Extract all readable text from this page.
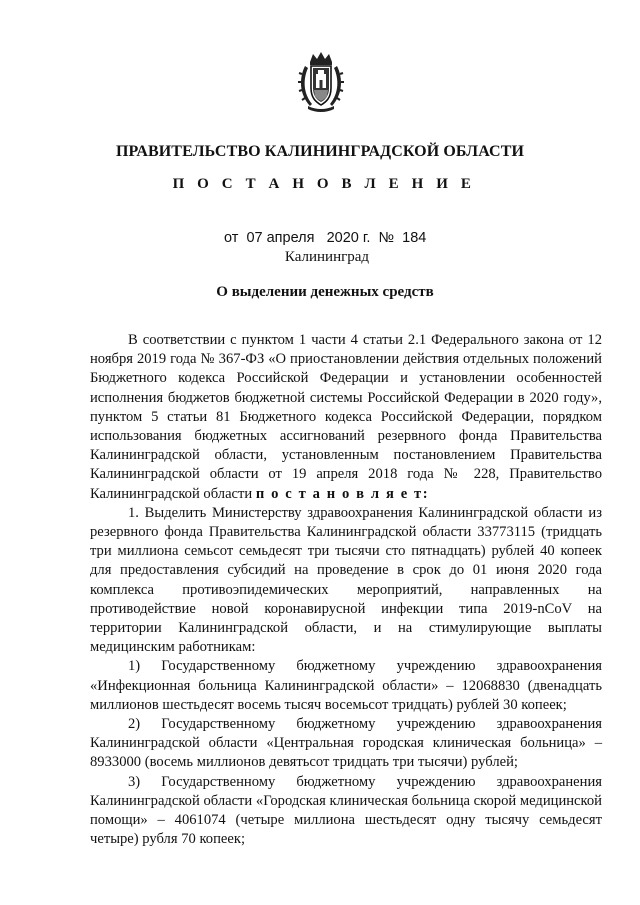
ПРАВИТЕЛЬСТВО КАЛИНИНГРАДСКОЙ ОБЛАСТИ
П О С Т А Н О В Л Е Н И Е
от 07 апреля 2020 г. № 184
Калининград
О выделении денежных средств

В соответствии с пунктом 1 части 4 статьи 2.1 Федерального закона от 12 ноября 2019 года № 367-ФЗ «О приостановлении действия отдельных положений Бюджетного кодекса Российской Федерации и установлении особенностей исполнения бюджетов бюджетной системы Российской Федерации в 2020 году», пунктом 5 статьи 81 Бюджетного кодекса Российской Федерации, порядком использования бюджетных ассигнований резервного фонда Правительства Калининградской области, установленным постановлением Правительства Калининградской области от 19 апреля 2018 года № 228, Правительство Калининградской области п о с т а н о в л я е т:

1. Выделить Министерству здравоохранения Калининградской области из резервного фонда Правительства Калининградской области 33773115 (тридцать три миллиона семьсот семьдесят три тысячи сто пятнадцать) рублей 40 копеек для предоставления субсидий на проведение в срок до 01 июня 2020 года комплекса противоэпидемических мероприятий, направленных на противодействие новой коронавирусной инфекции типа 2019-nCoV на территории Калининградской области, и на стимулирующие выплаты медицинским работникам:

1) Государственному бюджетному учреждению здравоохранения «Инфекционная больница Калининградской области» – 12068830 (двенадцать миллионов шестьдесят восемь тысяч восемьсот тридцать) рублей 30 копеек;

2) Государственному бюджетному учреждению здравоохранения Калининградской области «Центральная городская клиническая больница» – 8933000 (восемь миллионов девятьсот тридцать три тысячи) рублей;

3) Государственному бюджетному учреждению здравоохранения Калининградской области «Городская клиническая больница скорой медицинской помощи» – 4061074 (четыре миллиона шестьдесят одну тысячу семьдесят четыре) рубля 70 копеек;
